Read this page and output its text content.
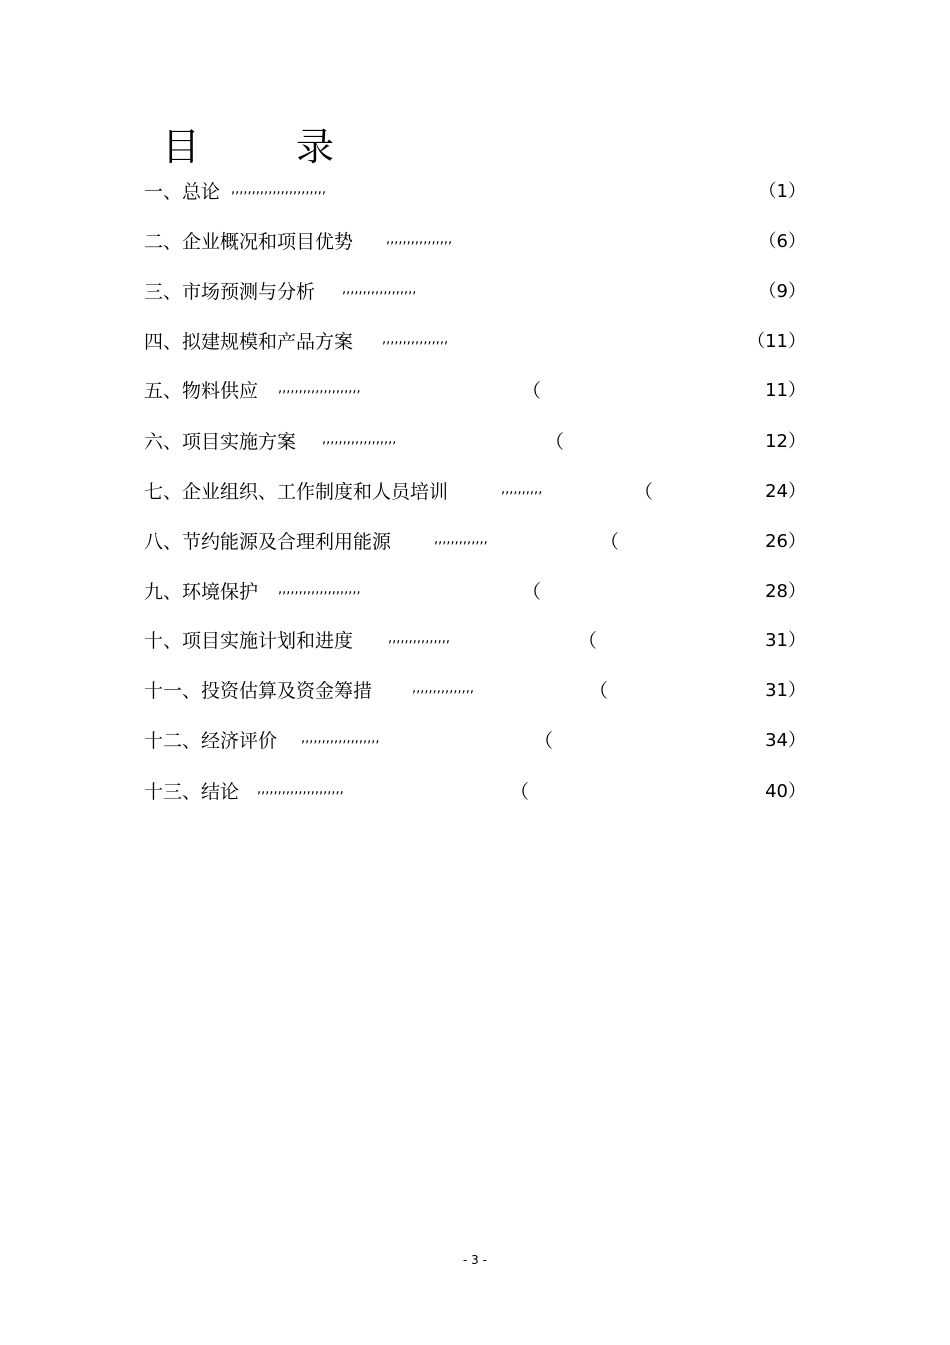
目	录
一、总论 ,,,,,,,,,,,,,,,,,,,,,,,	（1）
二、企业概况和项目优势	,,,,,,,,,,,,,,,,	（6）
三、市场预测与分析 ,,,,,,,,,,,,,,,,,,	（9）
四、拟建规模和产品方案 ,,,,,,,,,,,,,,,,	（11）
五、物料供应 ,,,,,,,,,,,,,,,,,,,,	（	11）
六、项目实施方案 ,,,,,,,,,,,,,,,,,,	（	12）
七、企业组织、工作制度和人员培训	,,,,,,,,,,	（	24）
八、节约能源及合理利用能源	,,,,,,,,,,,,,	（	26）
九、环境保护 ,,,,,,,,,,,,,,,,,,,,	（	28）
十、项目实施计划和进度	,,,,,,,,,,,,,,,	（	31）
十一、投资估算及资金筹措	,,,,,,,,,,,,,,,	（	31）
十二、经济评价 ,,,,,,,,,,,,,,,,,,,	（	34）
十三、结论 ,,,,,,,,,,,,,,,,,,,,,	（	40）
- 3 -
